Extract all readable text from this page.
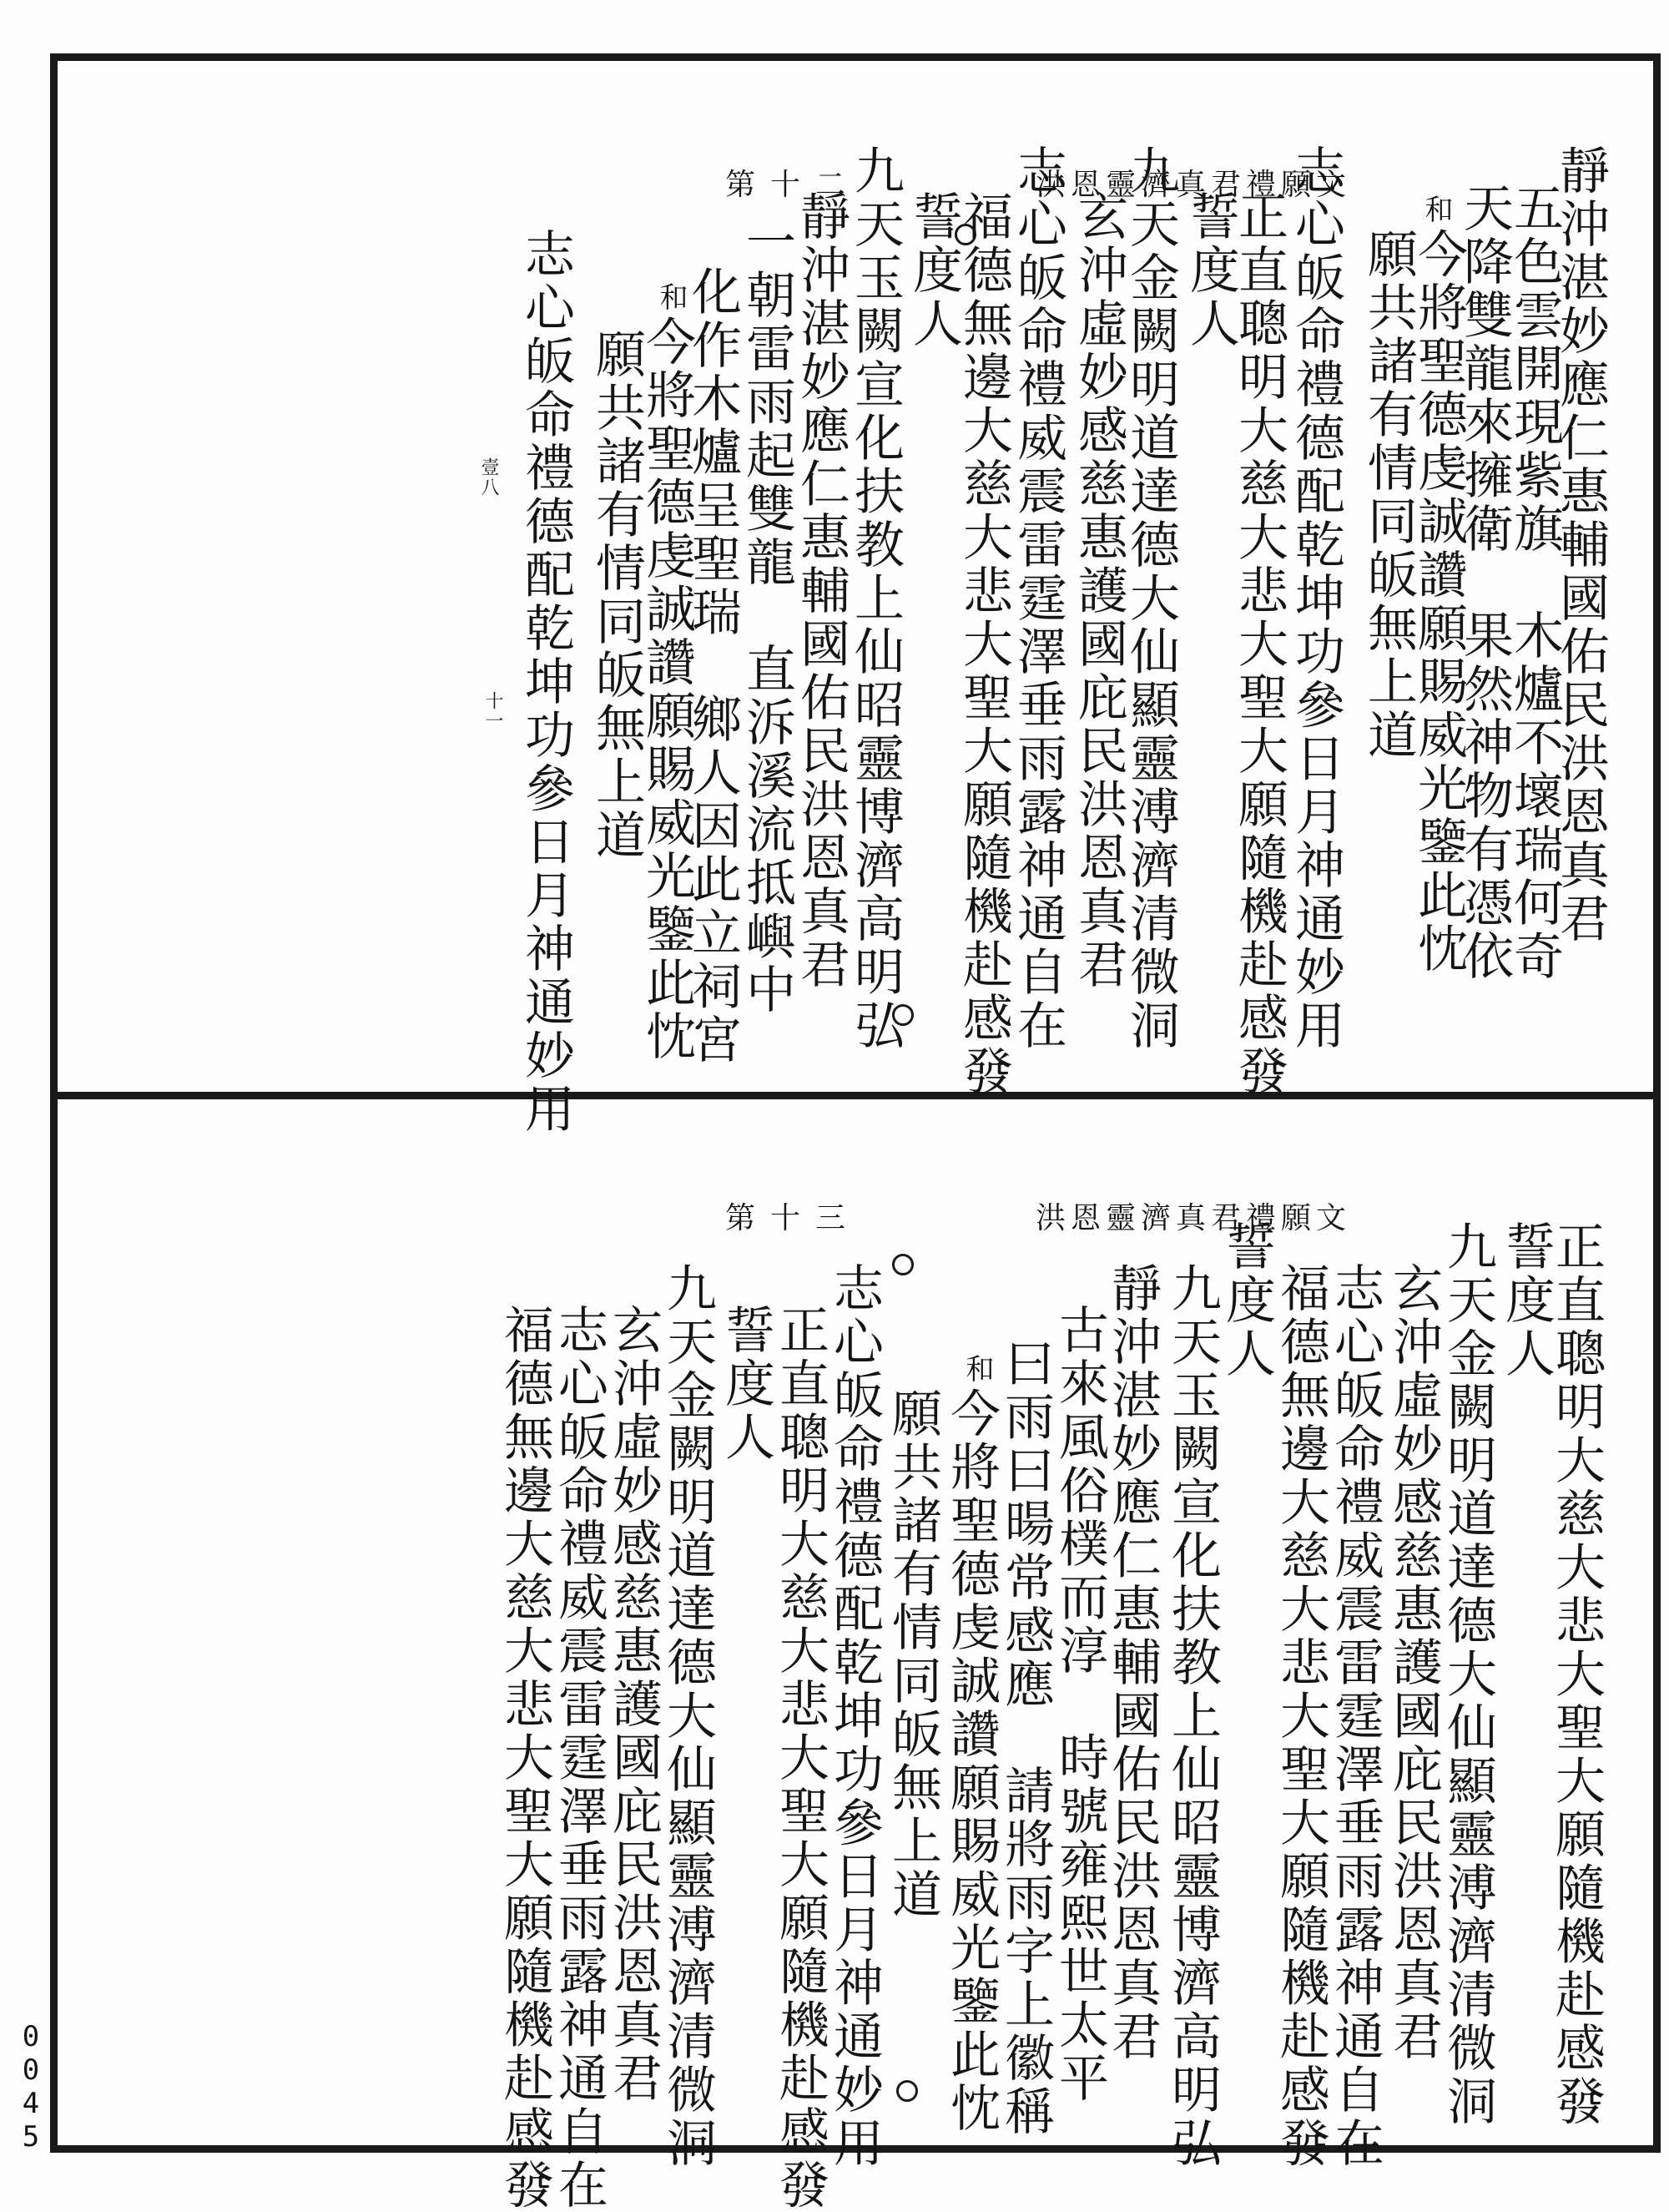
第十二	洪恩靈濟真君禮願文	靜沖湛妙應仁惠輔國佑民洪恩真君
五色雲開現紫旗　木爐不壞瑞何奇
天降雙龍來擁衛　果然神物有憑依
和
今將聖德虔誠讚願賜威光鑒此忱
願共諸有情同皈無上道
志心皈命禮德配乾坤功參日月神通妙用
正直聰明大慈大悲大聖大願隨機赴感發
誓度人
九天金闕明道達德大仙顯靈溥濟清微洞
玄沖虛妙感慈惠護國庇民洪恩真君
志心皈命禮威震雷霆澤垂雨露神通自在
福德無邊大慈大悲大聖大願隨機赴感發
誓度人
九天玉闕宣化扶教上仙昭靈博濟高明弘
靜沖湛妙應仁惠輔國佑民洪恩真君
十一	一朝雷雨起雙龍　直泝溪流抵嶼中
壹八	化作木爐呈聖瑞　鄉人因此立祠宮
和
今將聖德虔誠讚願賜威光鑒此忱
願共諸有情同皈無上道
志心皈命禮德配乾坤功參日月神通妙用
第十三	洪恩靈濟真君禮願文
正直聰明大慈大悲大聖大願隨機赴感發
誓度人
九天金闕明道達德大仙顯靈溥濟清微洞
玄沖虛妙感慈惠護國庇民洪恩真君
志心皈命禮威震雷霆澤垂雨露神通自在
福德無邊大慈大悲大聖大願隨機赴感發
誓度人
九天玉闕宣化扶教上仙昭靈博濟高明弘
靜沖湛妙應仁惠輔國佑民洪恩真君
古來風俗樸而淳　時號雍熙世太平
曰雨曰暘常感應　請將雨字上徽稱
和
今將聖德虔誠讚願賜威光鑒此忱
願共諸有情同皈無上道
志心皈命禮德配乾坤功參日月神通妙用
正直聰明大慈大悲大聖大願隨機赴感發
誓度人
九天金闕明道達德大仙顯靈溥濟清微洞
玄沖虛妙感慈惠護國庇民洪恩真君
志心皈命禮威震雷霆澤垂雨露神通自在
福德無邊大慈大悲大聖大願隨機赴感發
0
0
4
5
